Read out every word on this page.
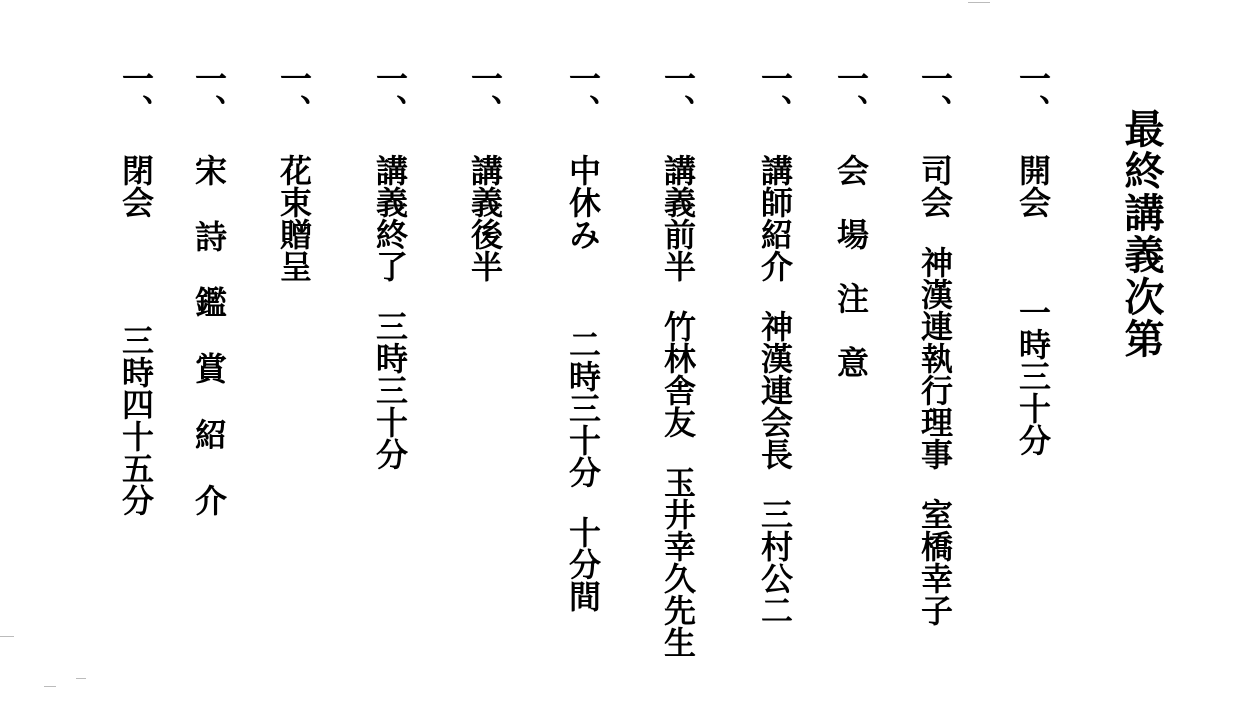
最終講義次第
一、開会一時三十分
一、司会神漢連執行理事室橋幸子
一、会場注意
一、講師紹介神漢連会長三村公二
一、講義前半竹林舎友玉井幸久先生
一、中休み二時三十分十分間
一、講義後半
一、講義終了三時三十分
一、花束贈呈
一、宋詩鑑賞紹介
一、閉会三時四十五分
